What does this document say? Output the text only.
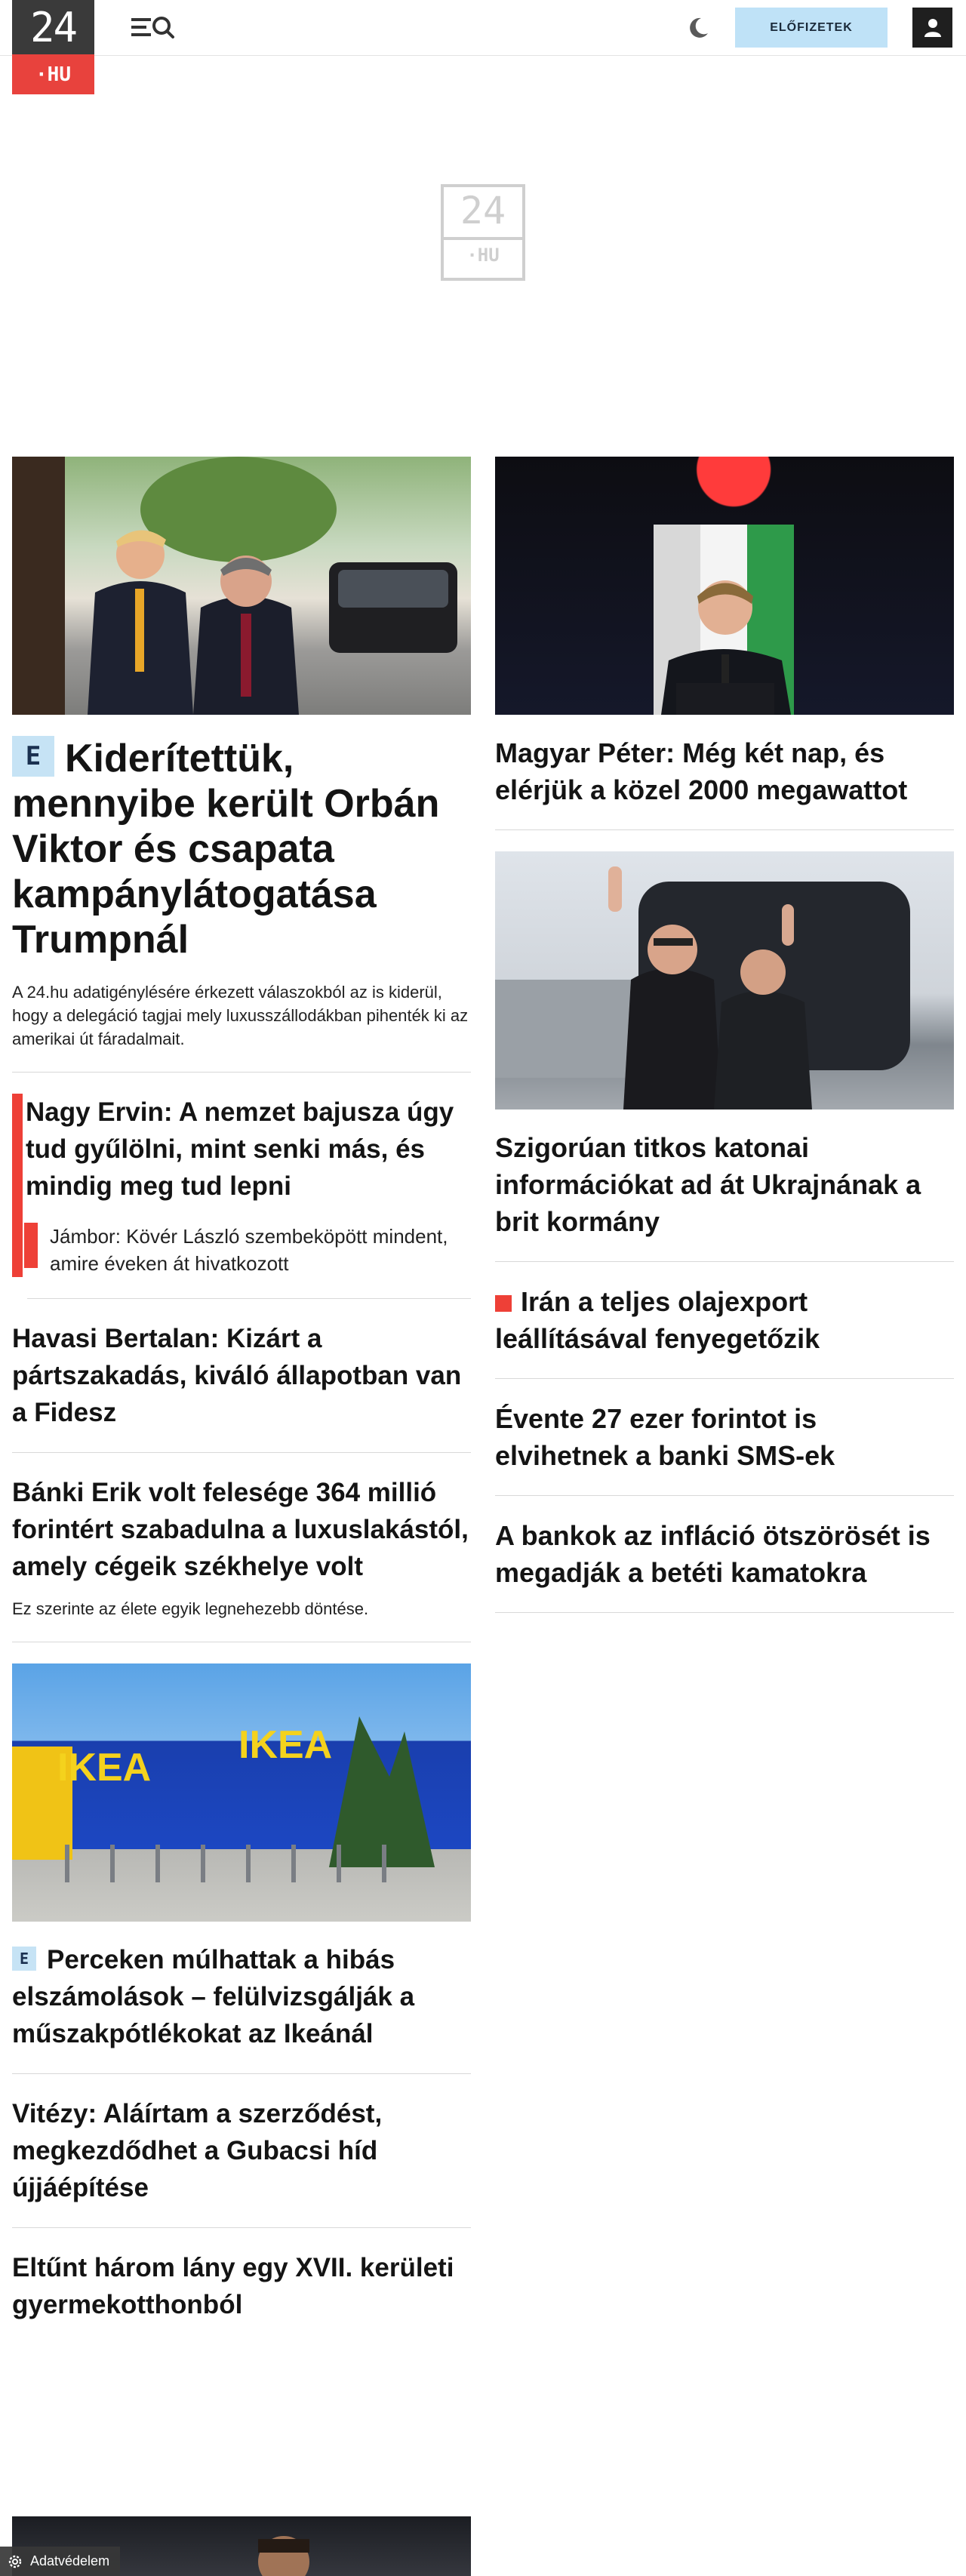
24
·HU
ELŐFIZETEK
24
·HU
E Kiderítettük, mennyibe került Orbán Viktor és csapata kampánylátogatása Trumpnál
A 24.hu adatigénylésére érkezett válaszokból az is kiderül, hogy a delegáció tagjai mely luxusszállodákban pihenték ki az amerikai út fáradalmait.
Nagy Ervin: A nemzet bajusza úgy tud gyűlölni, mint senki más, és mindig meg tud lepni
Jámbor: Kövér László szembeköpött mindent, amire éveken át hivatkozott
Havasi Bertalan: Kizárt a pártszakadás, kiváló állapotban van a Fidesz
Bánki Erik volt felesége 364 millió forintért szabadulna a luxuslakástól, amely cégeik székhelye volt
Ez szerinte az élete egyik legnehezebb döntése.
IKEA
IKEA
E Perceken múlhattak a hibás elszámolások – felülvizsgálják a műszakpótlékokat az Ikeánál
Vitézy: Aláírtam a szerződést, megkezdődhet a Gubacsi híd újjáépítése
Eltűnt három lány egy XVII. kerületi gyermekotthonból
Magyar Péter: Még két nap, és elérjük a közel 2000 megawattot
Szigorúan titkos katonai információkat ad át Ukrajnának a brit kormány
Irán a teljes olajexport leállításával fenyegetőzik
Évente 27 ezer forintot is elvihetnek a banki SMS-ek
A bankok az infláció ötszörösét is megadják a betéti kamatokra
Adatvédelem
